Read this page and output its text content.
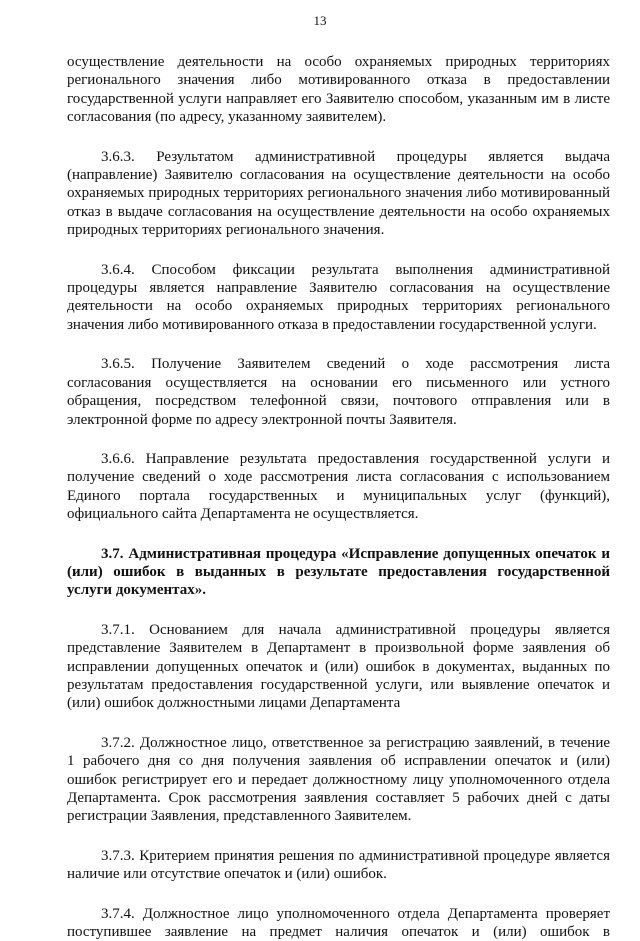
13

осуществление деятельности на особо охраняемых природных территориях регионального значения либо мотивированного отказа в предоставлении государственной услуги направляет его Заявителю способом, указанным им в листе согласования (по адресу, указанному заявителем).

3.6.3. Результатом административной процедуры является выдача (направление) Заявителю согласования на осуществление деятельности на особо охраняемых природных территориях регионального значения либо мотивированный отказ в выдаче согласования на осуществление деятельности на особо охраняемых природных территориях регионального значения.

3.6.4. Способом фиксации результата выполнения административной процедуры является направление Заявителю согласования на осуществление деятельности на особо охраняемых природных территориях регионального значения либо мотивированного отказа в предоставлении государственной услуги.

3.6.5. Получение Заявителем сведений о ходе рассмотрения листа согласования осуществляется на основании его письменного или устного обращения, посредством телефонной связи, почтового отправления или в электронной форме по адресу электронной почты Заявителя.

3.6.6. Направление результата предоставления государственной услуги и получение сведений о ходе рассмотрения листа согласования с использованием Единого портала государственных и муниципальных услуг (функций), официального сайта Департамента не осуществляется.

3.7. Административная процедура «Исправление допущенных опечаток и (или) ошибок в выданных в результате предоставления государственной услуги документах».

3.7.1. Основанием для начала административной процедуры является представление Заявителем в Департамент в произвольной форме заявления об исправлении допущенных опечаток и (или) ошибок в документах, выданных по результатам предоставления государственной услуги, или выявление опечаток и (или) ошибок должностными лицами Департамента

3.7.2. Должностное лицо, ответственное за регистрацию заявлений, в течение 1 рабочего дня со дня получения заявления об исправлении опечаток и (или) ошибок регистрирует его и передает должностному лицу уполномоченного отдела Департамента. Срок рассмотрения заявления составляет 5 рабочих дней с даты регистрации Заявления, представленного Заявителем.

3.7.3. Критерием принятия решения по административной процедуре является наличие или отсутствие опечаток и (или) ошибок.

3.7.4. Должностное лицо уполномоченного отдела Департамента проверяет поступившее заявление на предмет наличия опечаток и (или) ошибок в
